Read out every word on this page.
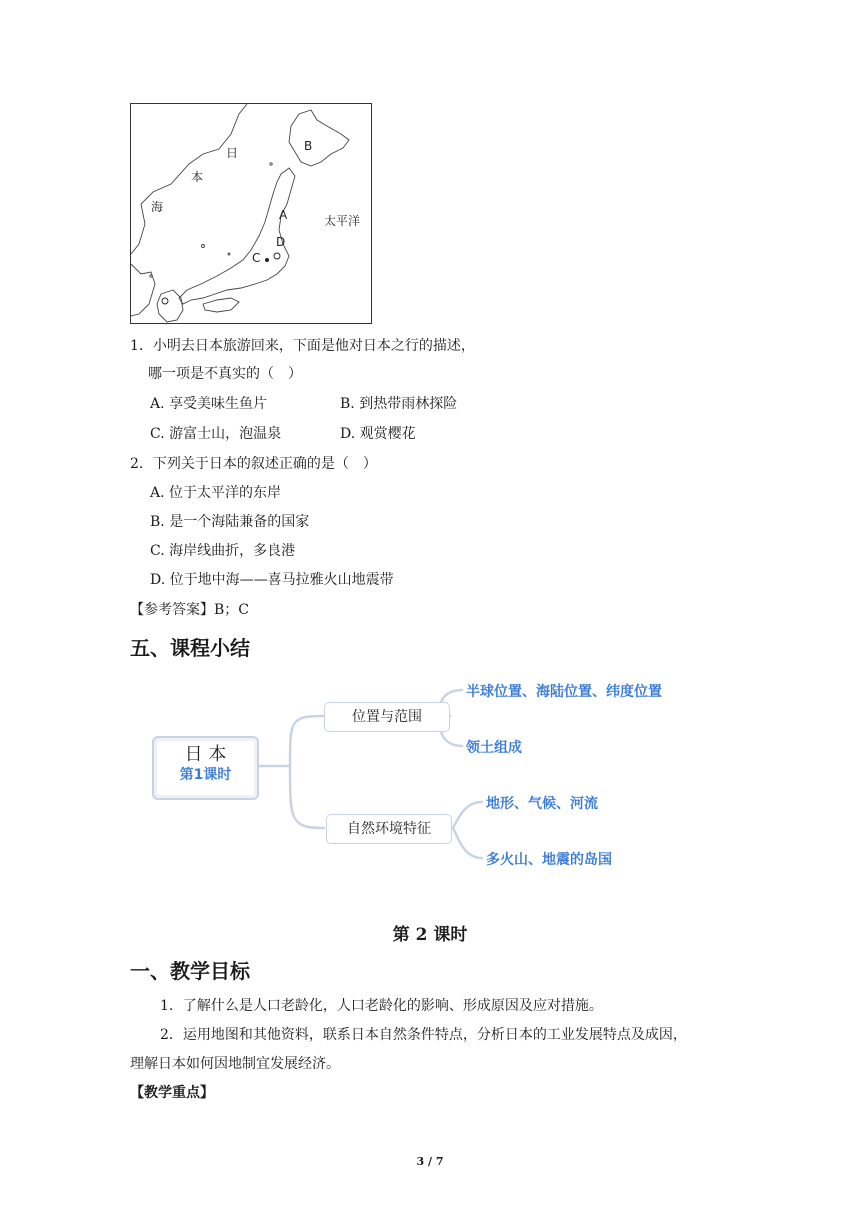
日
本
海
太平洋
B
A
D
C
1．小明去日本旅游回来，下面是他对日本之行的描述，
哪一项是不真实的（　）
A. 享受美味生鱼片	B. 到热带雨林探险
C. 游富士山，泡温泉	D. 观赏樱花
2．下列关于日本的叙述正确的是（　）
A. 位于太平洋的东岸
B. 是一个海陆兼备的国家
C. 海岸线曲折，多良港
D. 位于地中海——喜马拉雅火山地震带
【参考答案】B；C
五、课程小结
日 本
第1课时
位置与范围
自然环境特征
半球位置、海陆位置、纬度位置
领土组成
地形、气候、河流
多火山、地震的岛国
第 2 课时
一、教学目标
1．了解什么是人口老龄化，人口老龄化的影响、形成原因及应对措施。
2．运用地图和其他资料，联系日本自然条件特点，分析日本的工业发展特点及成因，
理解日本如何因地制宜发展经济。
【教学重点】
3 / 7
